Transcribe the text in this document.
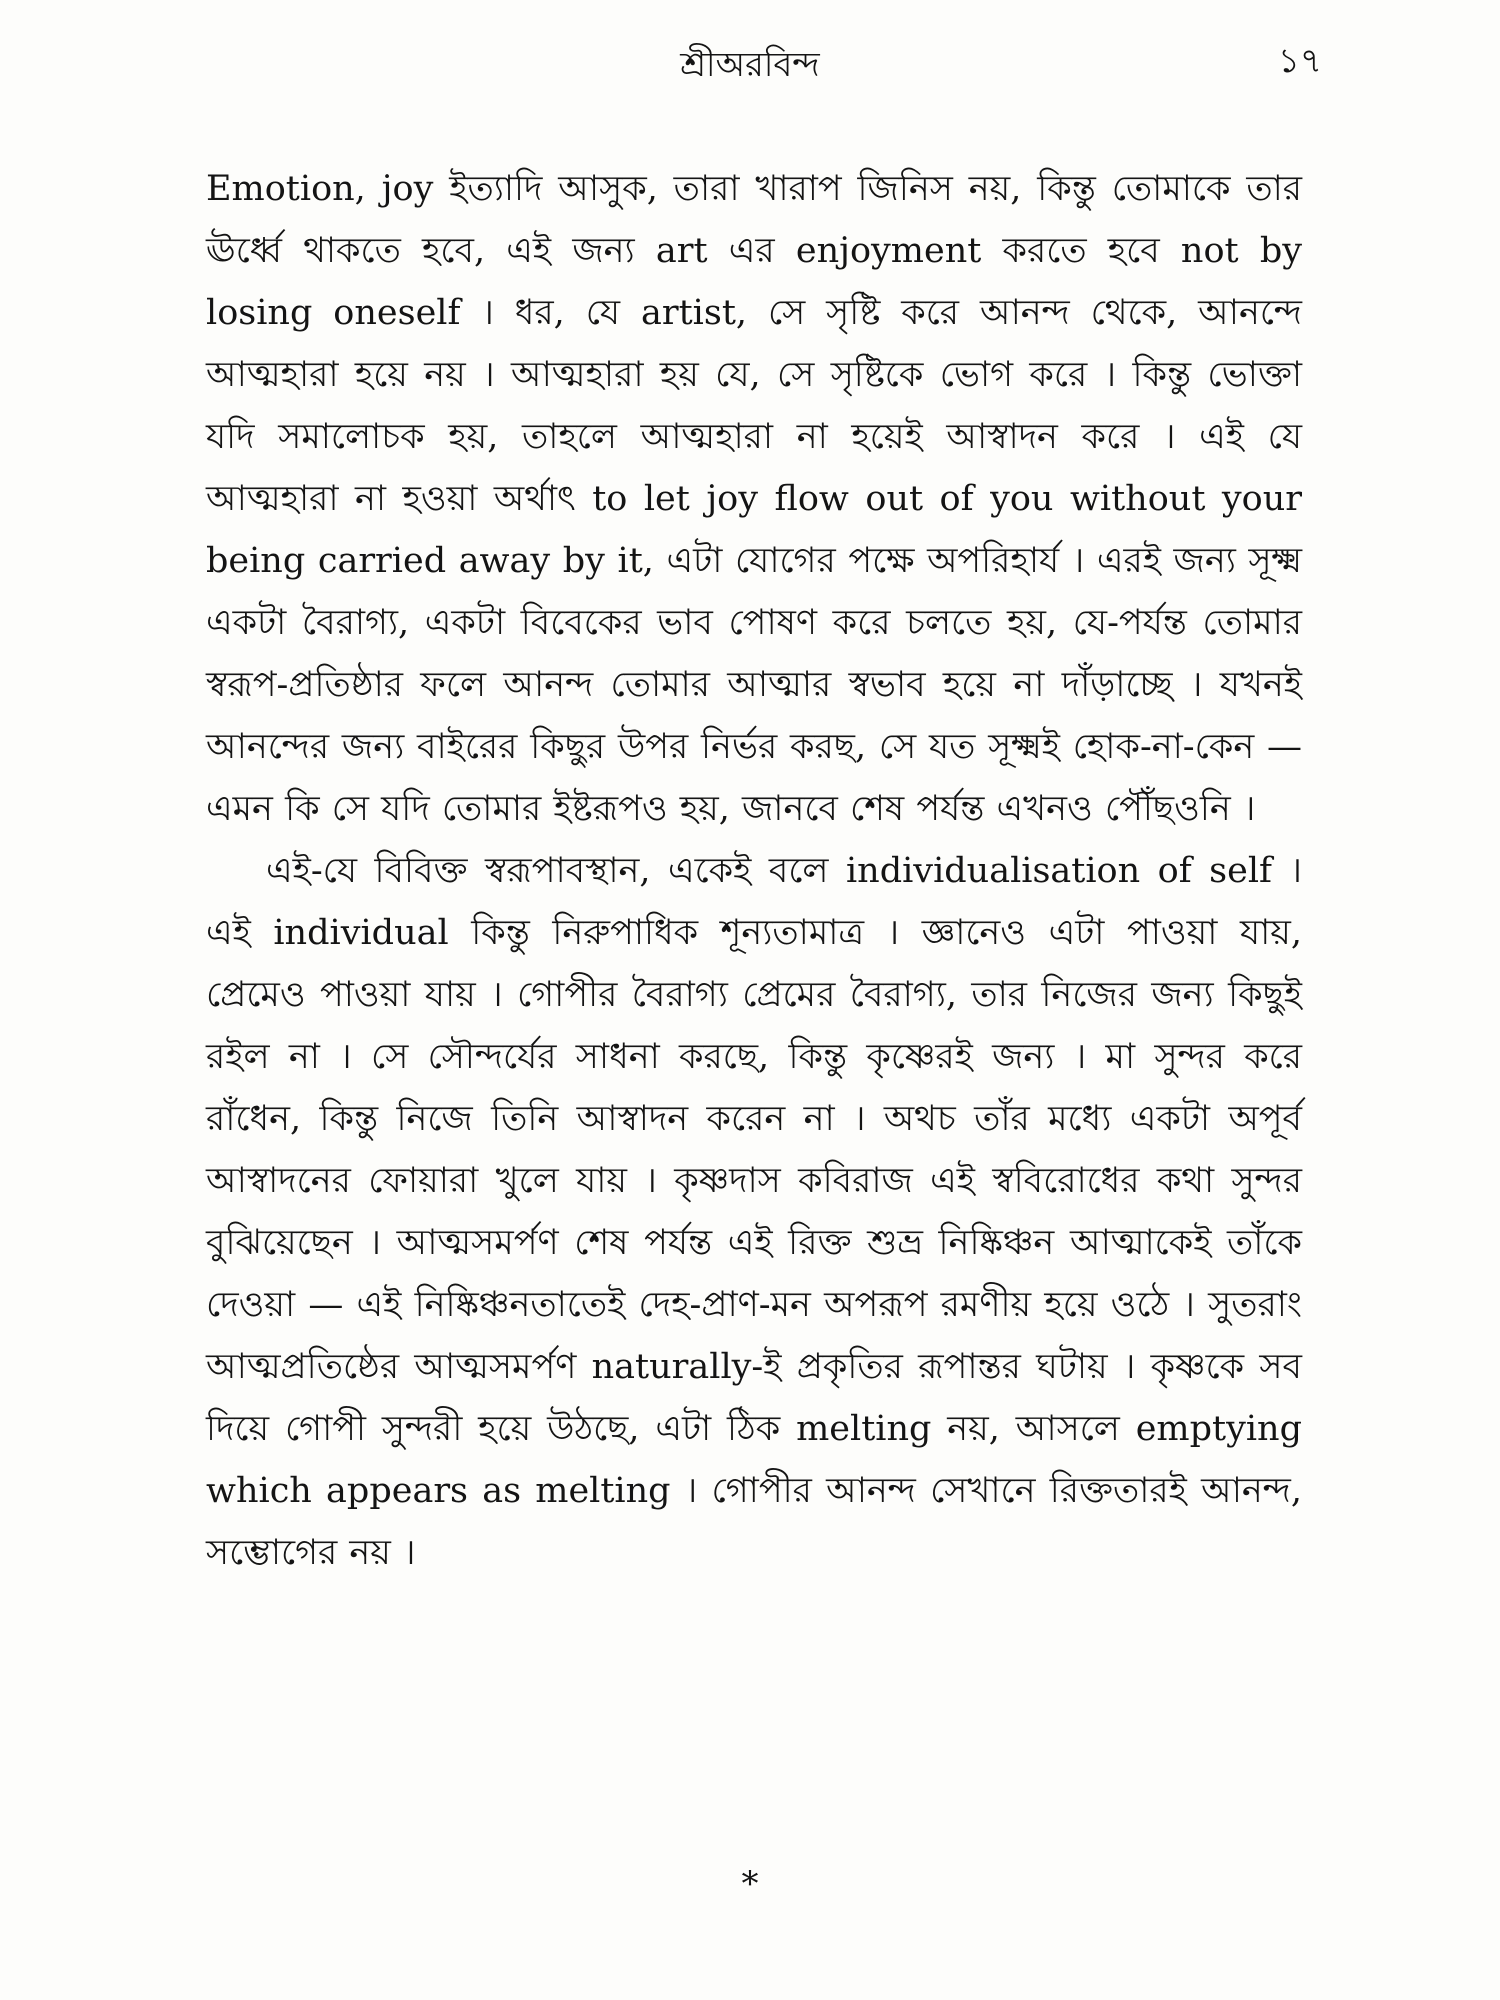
শ্রীঅরবিন্দ	১৭

Emotion, joy ইত্যাদি আসুক, তারা খারাপ জিনিস নয়, কিন্তু তোমাকে তার ঊর্ধ্বে থাকতে হবে, এই জন্য art এর enjoyment করতে হবে not by losing oneself । ধর, যে artist, সে সৃষ্টি করে আনন্দ থেকে, আনন্দে আত্মহারা হয়ে নয় । আত্মহারা হয় যে, সে সৃষ্টিকে ভোগ করে । কিন্তু ভোক্তা যদি সমালোচক হয়, তাহলে আত্মহারা না হয়েই আস্বাদন করে । এই যে আত্মহারা না হওয়া অর্থাৎ to let joy flow out of you without your being carried away by it, এটা যোগের পক্ষে অপরিহার্য । এরই জন্য সূক্ষ্ম একটা বৈরাগ্য, একটা বিবেকের ভাব পোষণ করে চলতে হয়, যে-পর্যন্ত তোমার স্বরূপ-প্রতিষ্ঠার ফলে আনন্দ তোমার আত্মার স্বভাব হয়ে না দাঁড়াচ্ছে । যখনই আনন্দের জন্য বাইরের কিছুর উপর নির্ভর করছ, সে যত সূক্ষ্মই হোক-না-কেন — এমন কি সে যদি তোমার ইষ্টরূপও হয়, জানবে শেষ পর্যন্ত এখনও পৌঁছওনি ।

এই-যে বিবিক্ত স্বরূপাবস্থান, একেই বলে individualisation of self । এই individual কিন্তু নিরুপাধিক শূন্যতামাত্র । জ্ঞানেও এটা পাওয়া যায়, প্রেমেও পাওয়া যায় । গোপীর বৈরাগ্য প্রেমের বৈরাগ্য, তার নিজের জন্য কিছুই রইল না । সে সৌন্দর্যের সাধনা করছে, কিন্তু কৃষ্ণেরই জন্য । মা সুন্দর করে রাঁধেন, কিন্তু নিজে তিনি আস্বাদন করেন না । অথচ তাঁর মধ্যে একটা অপূর্ব আস্বাদনের ফোয়ারা খুলে যায় । কৃষ্ণদাস কবিরাজ এই স্ববিরোধের কথা সুন্দর বুঝিয়েছেন । আত্মসমর্পণ শেষ পর্যন্ত এই রিক্ত শুভ্র নিষ্কিঞ্চন আত্মাকেই তাঁকে দেওয়া — এই নিষ্কিঞ্চনতাতেই দেহ-প্রাণ-মন অপরূপ রমণীয় হয়ে ওঠে । সুতরাং আত্মপ্রতিষ্ঠের আত্মসমর্পণ naturally-ই প্রকৃতির রূপান্তর ঘটায় । কৃষ্ণকে সব দিয়ে গোপী সুন্দরী হয়ে উঠছে, এটা ঠিক melting নয়, আসলে emptying which appears as melting । গোপীর আনন্দ সেখানে রিক্ততারই আনন্দ, সম্ভোগের নয় ।

*
